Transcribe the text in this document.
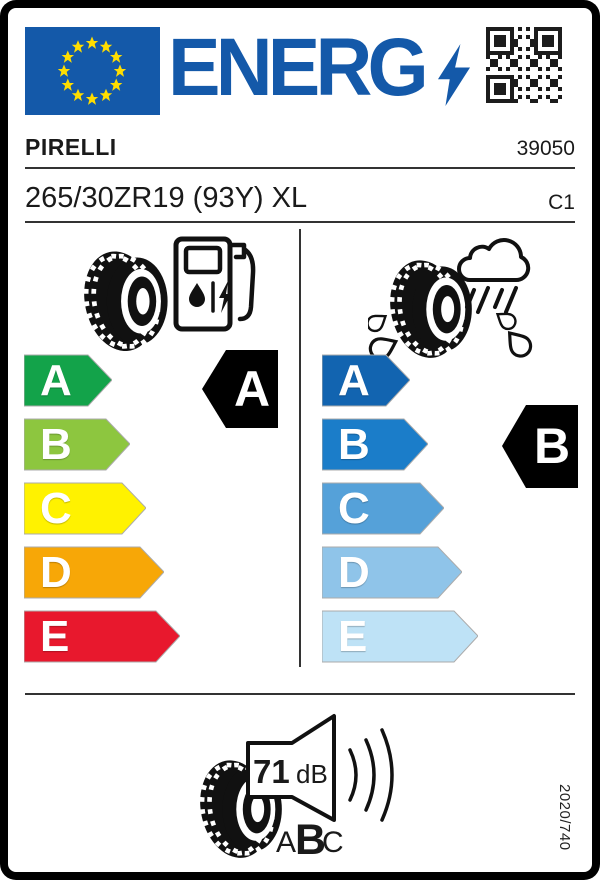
ENERG
PIRELLI	39050
265/30ZR19 (93Y) XL	C1
A
B
C
D
E
A A
B
C
D
E
B
71 dB
A
B
C	2020/740
